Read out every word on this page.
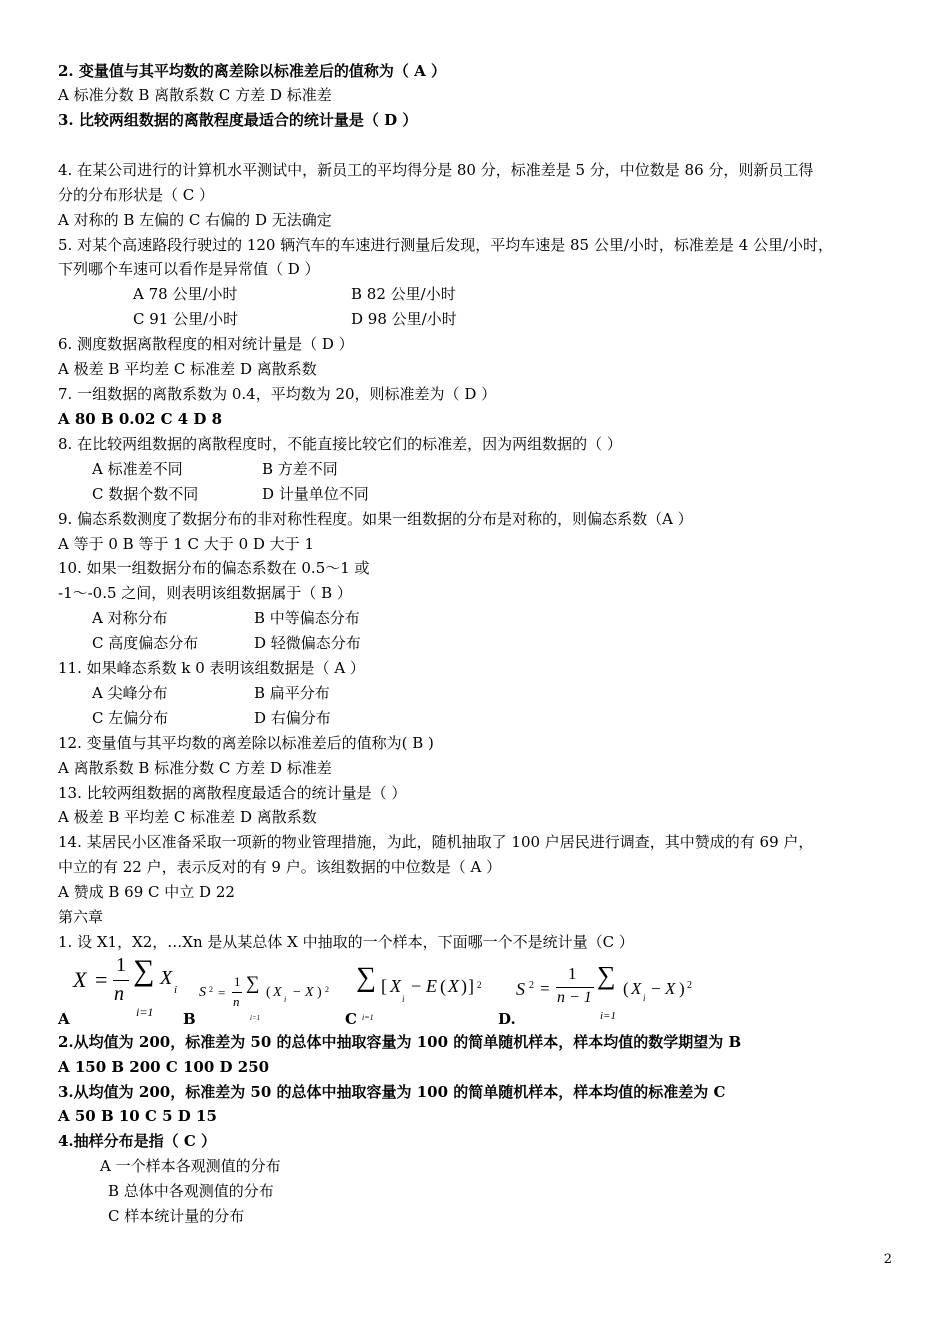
2. 变量值与其平均数的离差除以标准差后的值称为（ A ）
A 标准分数 B 离散系数 C 方差 D 标准差
3. 比较两组数据的离散程度最适合的统计量是（ D ）
4. 在某公司进行的计算机水平测试中，新员工的平均得分是 80 分，标准差是 5 分，中位数是 86 分，则新员工得
分的分布形状是（ C ）
A 对称的 B 左偏的 C 右偏的 D 无法确定
5. 对某个高速路段行驶过的 120 辆汽车的车速进行测量后发现，平均车速是 85 公里/小时，标准差是 4 公里/小时，
下列哪个车速可以看作是异常值（ D ）
A 78 公里/小时	B 82 公里/小时
C 91 公里/小时	D 98 公里/小时
6. 测度数据离散程度的相对统计量是（ D ）
A 极差 B 平均差 C 标准差 D 离散系数
7. 一组数据的离散系数为 0.4，平均数为 20，则标准差为（ D ）
A 80 B 0.02 C 4 D 8
8. 在比较两组数据的离散程度时，不能直接比较它们的标准差，因为两组数据的（ ）
A 标准差不同	B 方差不同
C 数据个数不同	D 计量单位不同
9. 偏态系数测度了数据分布的非对称性程度。如果一组数据的分布是对称的，则偏态系数（A ）
A 等于 0 B 等于 1 C 大于 0 D 大于 1
10. 如果一组数据分布的偏态系数在 0.5～1 或
-1～-0.5 之间，则表明该组数据属于（ B ）
A 对称分布	B 中等偏态分布
C 高度偏态分布	D 轻微偏态分布
11. 如果峰态系数 k 0 表明该组数据是（ A ）
A 尖峰分布	B 扁平分布
C 左偏分布	D 右偏分布
12. 变量值与其平均数的离差除以标准差后的值称为( B )
A 离散系数 B 标准分数 C 方差 D 标准差
13. 比较两组数据的离散程度最适合的统计量是（ ）
A 极差 B 平均差 C 标准差 D 离散系数
14. 某居民小区准备采取一项新的物业管理措施，为此，随机抽取了 100 户居民进行调查，其中赞成的有 69 户，
中立的有 22 户，表示反对的有 9 户。该组数据的中位数是（ A ）
A 赞成 B 69 C 中立 D 22
第六章
1. 设 X1，X2，…Xn 是从某总体 X 中抽取的一个样本，下面哪一个不是统计量（C ）
X =
1
n
∑ X
i
i=1
A
S 2 =
1
n
∑ ( X i − X ) 2
i=1
B
∑ [ X
i
− E ( X ) ] 2
i=1
C
S 2 =
1
n − 1
∑ ( X i − X ) 2
i=1
D.
2.从均值为 200，标准差为 50 的总体中抽取容量为 100 的简单随机样本，样本均值的数学期望为 B
A 150 B 200 C 100 D 250
3.从均值为 200，标准差为 50 的总体中抽取容量为 100 的简单随机样本，样本均值的标准差为 C
A 50 B 10 C 5 D 15
4.抽样分布是指（ C ）
A 一个样本各观测值的分布
B 总体中各观测值的分布
C 样本统计量的分布
2
